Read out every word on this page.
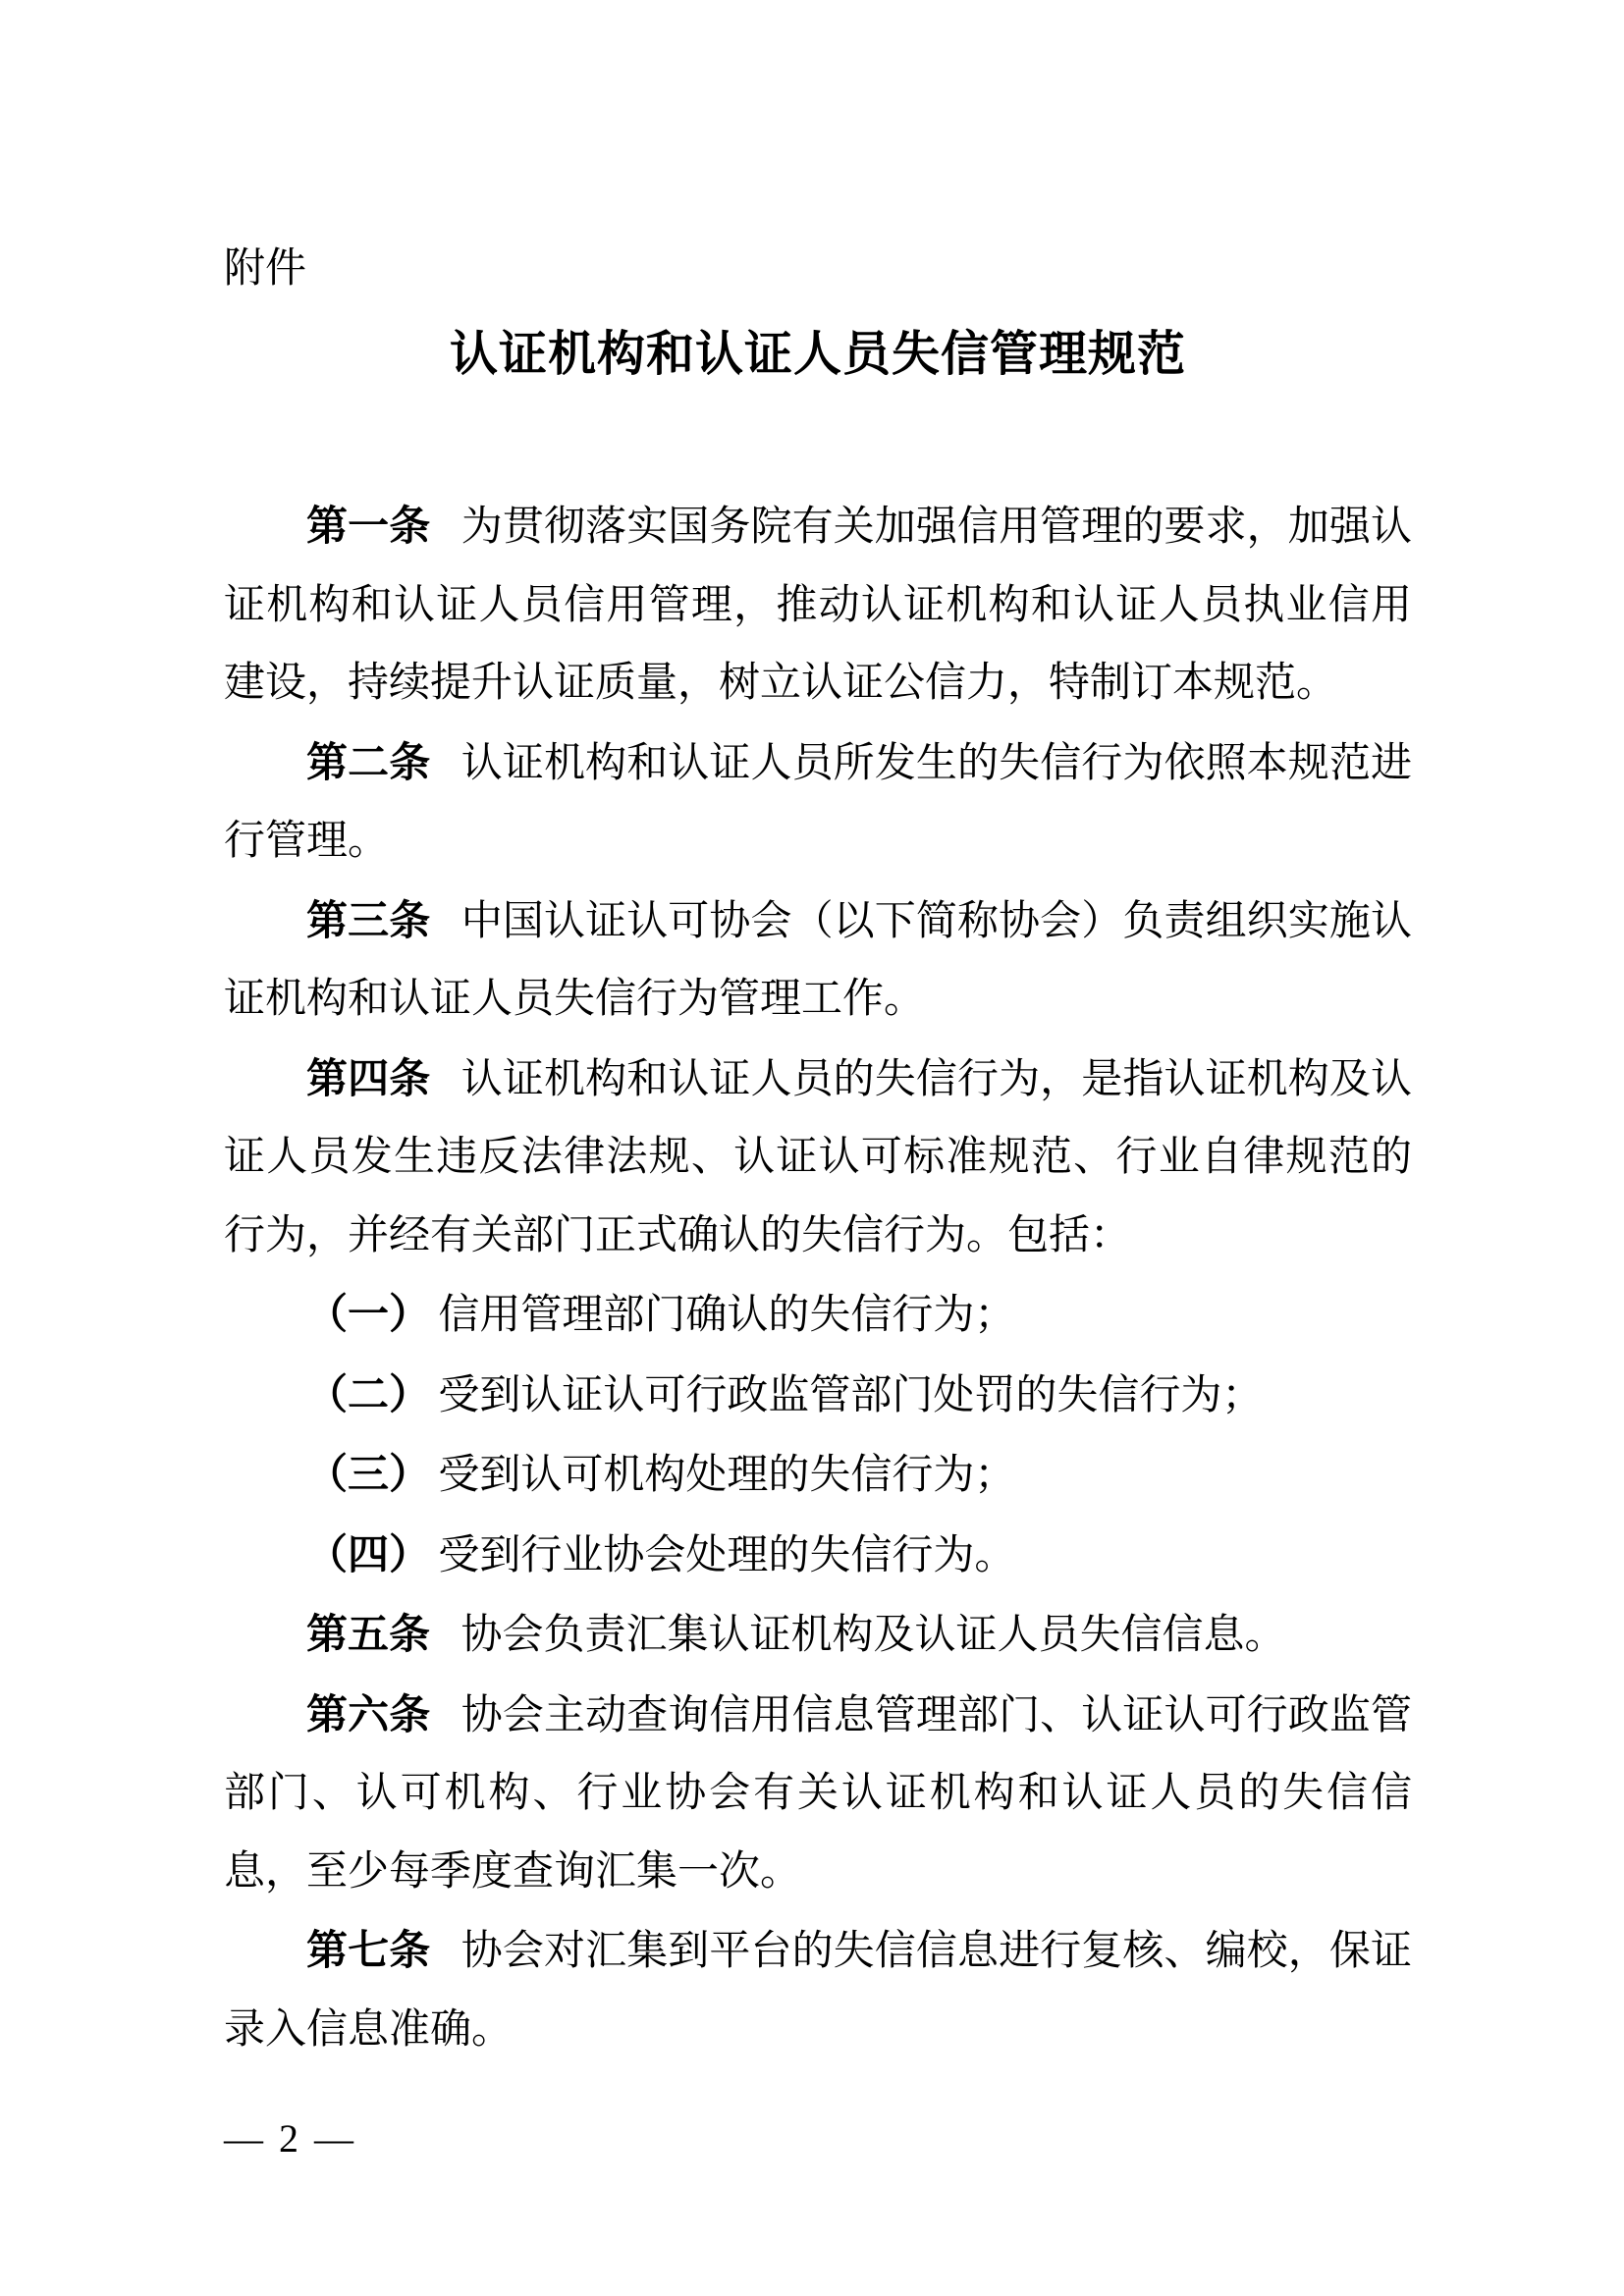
附件
认证机构和认证人员失信管理规范

第一条 为贯彻落实国务院有关加强信用管理的要求，加强认证机构和认证人员信用管理，推动认证机构和认证人员执业信用建设，持续提升认证质量，树立认证公信力，特制订本规范。

第二条 认证机构和认证人员所发生的失信行为依照本规范进行管理。

第三条 中国认证认可协会（以下简称协会）负责组织实施认证机构和认证人员失信行为管理工作。

第四条 认证机构和认证人员的失信行为，是指认证机构及认证人员发生违反法律法规、认证认可标准规范、行业自律规范的行为，并经有关部门正式确认的失信行为。包括：

（一） 信用管理部门确认的失信行为；

（二） 受到认证认可行政监管部门处罚的失信行为；

（三） 受到认可机构处理的失信行为；

（四） 受到行业协会处理的失信行为。

第五条 协会负责汇集认证机构及认证人员失信信息。

第六条 协会主动查询信用信息管理部门、认证认可行政监管部门、认可机构、行业协会有关认证机构和认证人员的失信信息，至少每季度查询汇集一次。

第七条 协会对汇集到平台的失信信息进行复核、编校，保证录入信息准确。

— 2 —
